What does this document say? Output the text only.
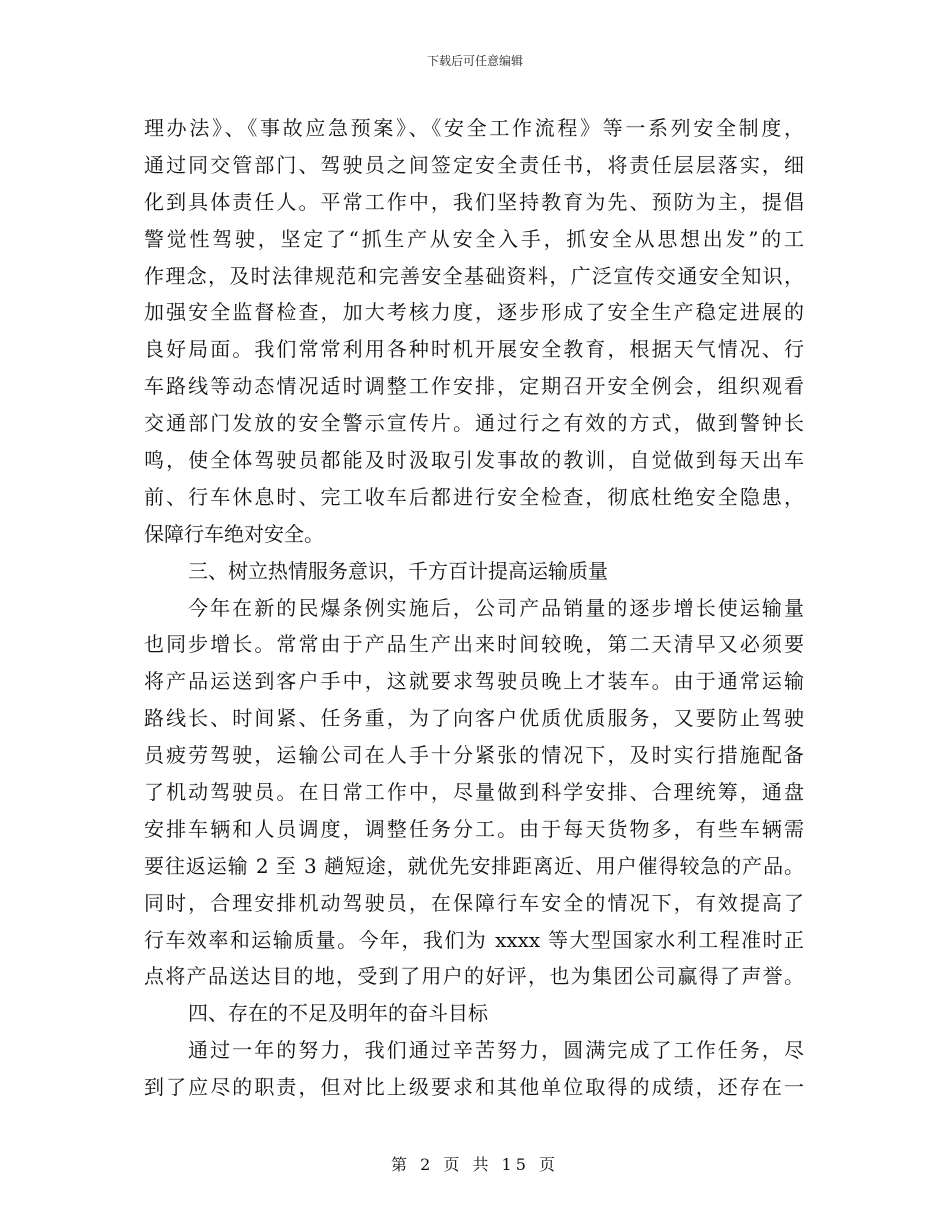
下载后可任意编辑
理办法》、《事故应急预案》、《安全工作流程》等一系列安全制度，
通过同交管部门、驾驶员之间签定安全责任书，将责任层层落实，细
化到具体责任人。平常工作中，我们坚持教育为先、预防为主，提倡
警觉性驾驶，坚定了“抓生产从安全入手，抓安全从思想出发”的工
作理念，及时法律规范和完善安全基础资料，广泛宣传交通安全知识，
加强安全监督检查，加大考核力度，逐步形成了安全生产稳定进展的
良好局面。我们常常利用各种时机开展安全教育，根据天气情况、行
车路线等动态情况适时调整工作安排，定期召开安全例会，组织观看
交通部门发放的安全警示宣传片。通过行之有效的方式，做到警钟长
鸣，使全体驾驶员都能及时汲取引发事故的教训，自觉做到每天出车
前、行车休息时、完工收车后都进行安全检查，彻底杜绝安全隐患，
保障行车绝对安全。
三、树立热情服务意识，千方百计提高运输质量
今年在新的民爆条例实施后，公司产品销量的逐步增长使运输量
也同步增长。常常由于产品生产出来时间较晚，第二天清早又必须要
将产品运送到客户手中，这就要求驾驶员晚上才装车。由于通常运输
路线长、时间紧、任务重，为了向客户优质优质服务，又要防止驾驶
员疲劳驾驶，运输公司在人手十分紧张的情况下，及时实行措施配备
了机动驾驶员。在日常工作中，尽量做到科学安排、合理统筹，通盘
安排车辆和人员调度，调整任务分工。由于每天货物多，有些车辆需
要往返运输 2 至 3 趟短途，就优先安排距离近、用户催得较急的产品。
同时，合理安排机动驾驶员，在保障行车安全的情况下，有效提高了
行车效率和运输质量。今年，我们为 xxxx 等大型国家水利工程准时正
点将产品送达目的地，受到了用户的好评，也为集团公司赢得了声誉。
四、存在的不足及明年的奋斗目标
通过一年的努力，我们通过辛苦努力，圆满完成了工作任务，尽
到了应尽的职责，但对比上级要求和其他单位取得的成绩，还存在一
第 2 页 共 15 页
